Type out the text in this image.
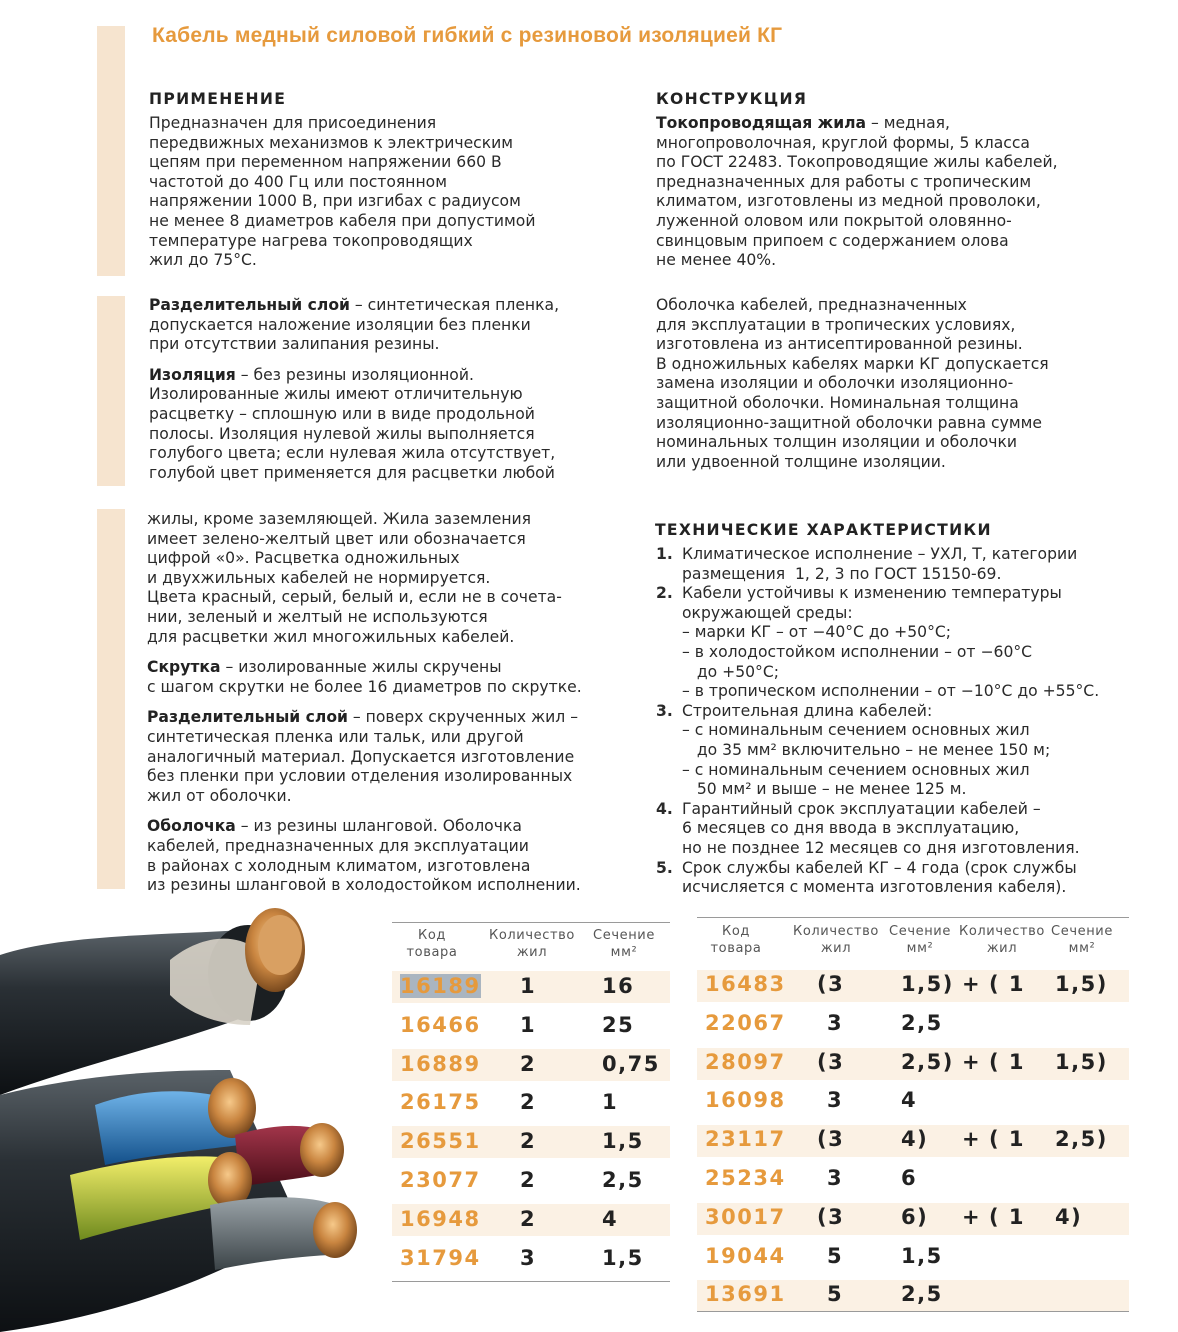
Кабель медный силовой гибкий с резиновой изоляцией КГ
ПРИМЕНЕНИЕ

Предназначен для присоединения

передвижных механизмов к электрическим

цепям при переменном напряжении 660 В

частотой до 400 Гц или постоянном

напряжении 1000 В, при изгибах с радиусом

не менее 8 диаметров кабеля при допустимой

температуре нагрева токопроводящих

жил до 75°С.

Разделительный слой – синтетическая пленка,

допускается наложение изоляции без пленки

при отсутствии залипания резины.

Изоляция – без резины изоляционной.

Изолированные жилы имеют отличительную

расцветку – сплошную или в виде продольной

полосы. Изоляция нулевой жилы выполняется

голубого цвета; если нулевая жила отсутствует,

голубой цвет применяется для расцветки любой

жилы, кроме заземляющей. Жила заземления

имеет зелено-желтый цвет или обозначается

цифрой «0». Расцветка одножильных

и двухжильных кабелей не нормируется.

Цвета красный, серый, белый и, если не в сочета-

нии, зеленый и желтый не используются

для расцветки жил многожильных кабелей.

Скрутка – изолированные жилы скручены

с шагом скрутки не более 16 диаметров по скрутке.

Разделительный слой – поверх скрученных жил –

синтетическая пленка или тальк, или другой

аналогичный материал. Допускается изготовление

без пленки при условии отделения изолированных

жил от оболочки.

Оболочка – из резины шланговой. Оболочка

кабелей, предназначенных для эксплуатации

в районах с холодным климатом, изготовлена

из резины шланговой в холодостойком исполнении.

КОНСТРУКЦИЯ

Токопроводящая жила – медная,

многопроволочная, круглой формы, 5 класса

по ГОСТ 22483. Токопроводящие жилы кабелей,

предназначенных для работы с тропическим

климатом, изготовлены из медной проволоки,

луженной оловом или покрытой оловянно-

свинцовым припоем с содержанием олова

не менее 40%.

Оболочка кабелей, предназначенных

для эксплуатации в тропических условиях,

изготовлена из антисептированной резины.

В одножильных кабелях марки КГ допускается

замена изоляции и оболочки изоляционно-

защитной оболочки. Номинальная толщина

изоляционно-защитной оболочки равна сумме

номинальных толщин изоляции и оболочки

или удвоенной толщине изоляции.

ТЕХНИЧЕСКИЕ ХАРАКТЕРИСТИКИ
1. Климатическое исполнение – УХЛ, Т, категории
размещения  1, 2, 3 по ГОСТ 15150-69.
2. Кабели устойчивы к изменению температуры
окружающей среды:
– марки КГ – от −40°С до +50°С;
– в холодостойком исполнении – от −60°С
до +50°С;
– в тропическом исполнении – от −10°С до +55°С.
3. Строительная длина кабелей:
– с номинальным сечением основных жил
до 35 мм² включительно – не менее 150 м;
– с номинальным сечением основных жил
50 мм² и выше – не менее 125 м.
4. Гарантийный срок эксплуатации кабелей –
6 месяцев со дня ввода в эксплуатацию,
но не позднее 12 месяцев со дня изготовления.
5. Срок службы кабелей КГ – 4 года (срок службы
исчисляется с момента изготовления кабеля).
Код
товара
Количество
жил
Сечение
мм²
16189 1	16
16466 1	25
16889 2	0,75
26175 2	1
26551 2	1,5
23077 2	2,5
16948 2	4
31794 3	1,5
Код
товара
Количество
жил
Сечение
мм²
Количество
жил
Сечение
мм²
16483 (3	1,5) + ( 1 1,5)
22067 3	2,5
28097 (3	2,5) + ( 1 1,5)
16098 3	4
23117 (3	4) + ( 1 2,5)
25234 3	6
30017 (3	6) + ( 1 4)
19044 5	1,5
13691 5	2,5
